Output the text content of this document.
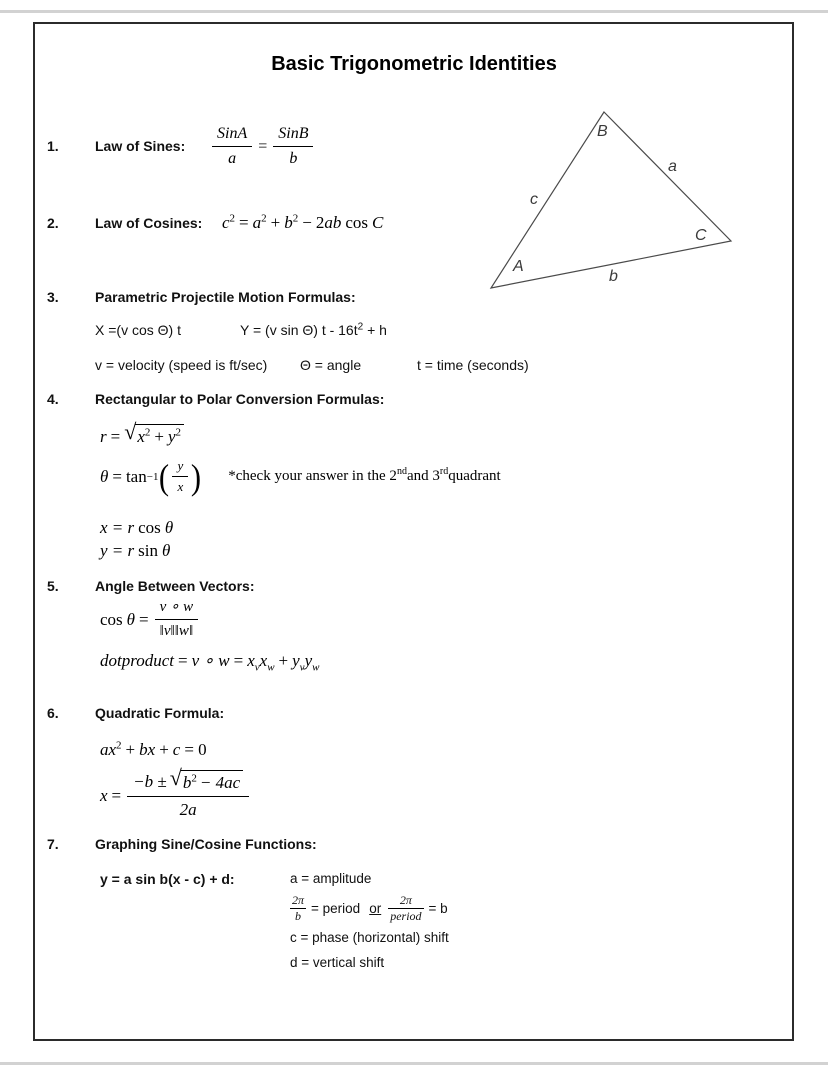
Basic Trigonometric Identities
B
a
c
C
A
b
1.	Law of Sines: $\frac{\text{SinA}}{a} = \frac{\text{SinB}}{b}$
2.	Law of Cosines: $c^2 = a^2 + b^2 - 2ab$ cos C
3.	Parametric Projectile Motion Formulas:
X =(v cos Θ) t	Y = (v sin Θ) $t - 16t^2 + h$
v = velocity (speed is ft/sec) Θ = angle	t = time (seconds)
4.	Rectangular to Polar Conversion Formulas:
r = √ $x^2 + y^2$
θ = tan −1 ( $\frac{y}{x}$ ) *check your answer in the 2ndand 3rdquadrant
x = r cos θ
y = r sin θ
5.	Angle Between Vectors:
$\cos \theta = \frac{v \circ w}{‖v‖‖w‖}$
dotproduct = v ∘ $w = x_vx_w + y_vy_w$
6.	Quadratic Formula:
$ax^2$ + bx + c = 0
$x = \frac{-b \pm √ b^2 - 4ac}{2a}$
7.	Graphing Sine/Cosine Functions:
y = a sin b(x - c) + d:	a = amplitude
$\frac{2\pi}{b}$ = period or
2π
period = b
c = phase (horizontal) shift
d = vertical shift
